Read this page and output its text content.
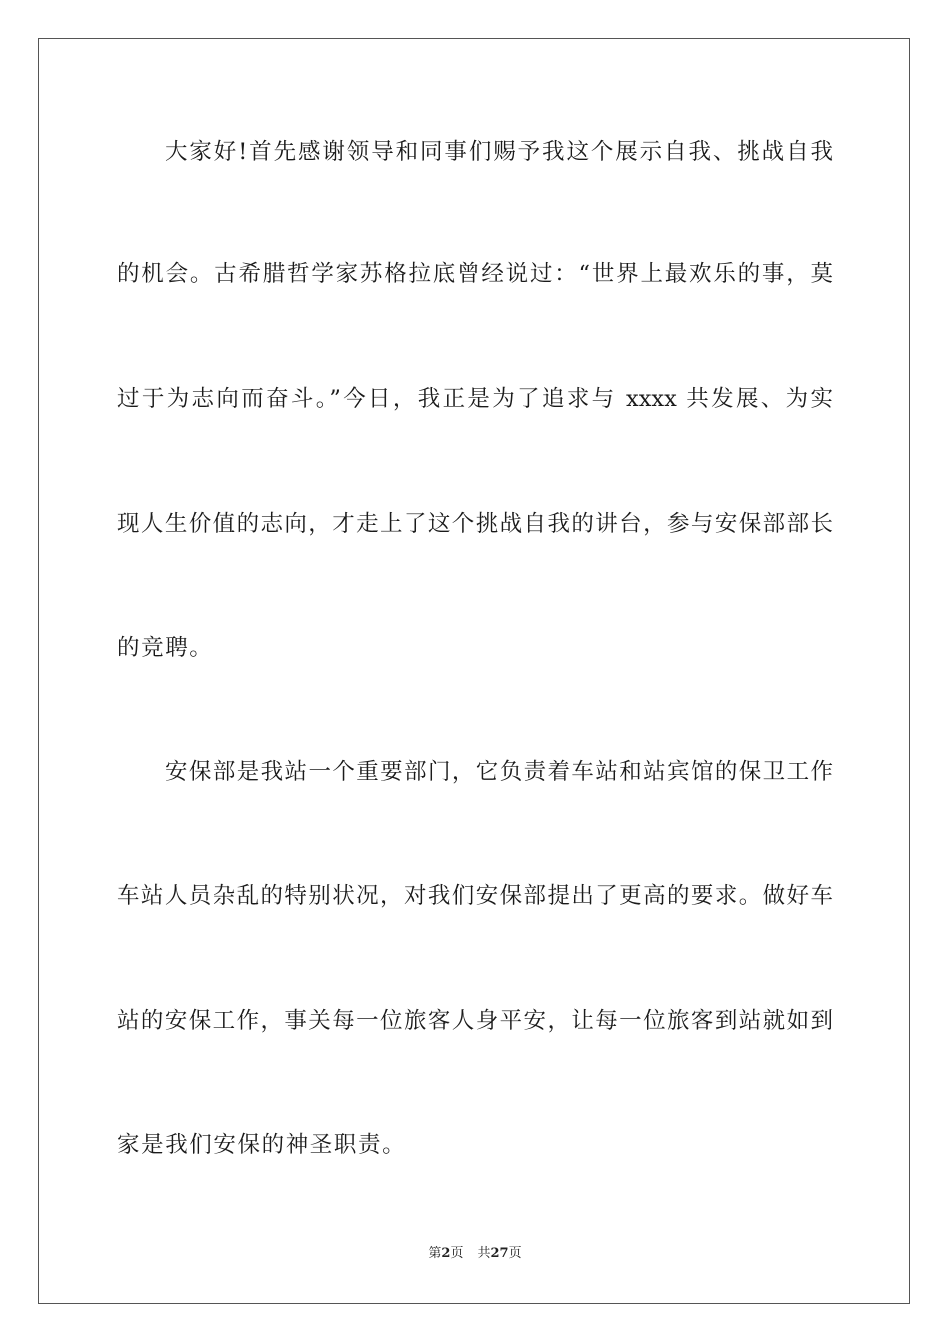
大家好!首先感谢领导和同事们赐予我这个展示自我、挑战自我
的机会。古希腊哲学家苏格拉底曾经说过：“世界上最欢乐的事，莫
过于为志向而奋斗。”今日，我正是为了追求与 xxxx 共发展、为实
现人生价值的志向，才走上了这个挑战自我的讲台，参与安保部部长
的竞聘。
安保部是我站一个重要部门，它负责着车站和站宾馆的保卫工作
车站人员杂乱的特别状况，对我们安保部提出了更高的要求。做好车
站的安保工作，事关每一位旅客人身平安，让每一位旅客到站就如到
家是我们安保的神圣职责。
第2页 共27页
